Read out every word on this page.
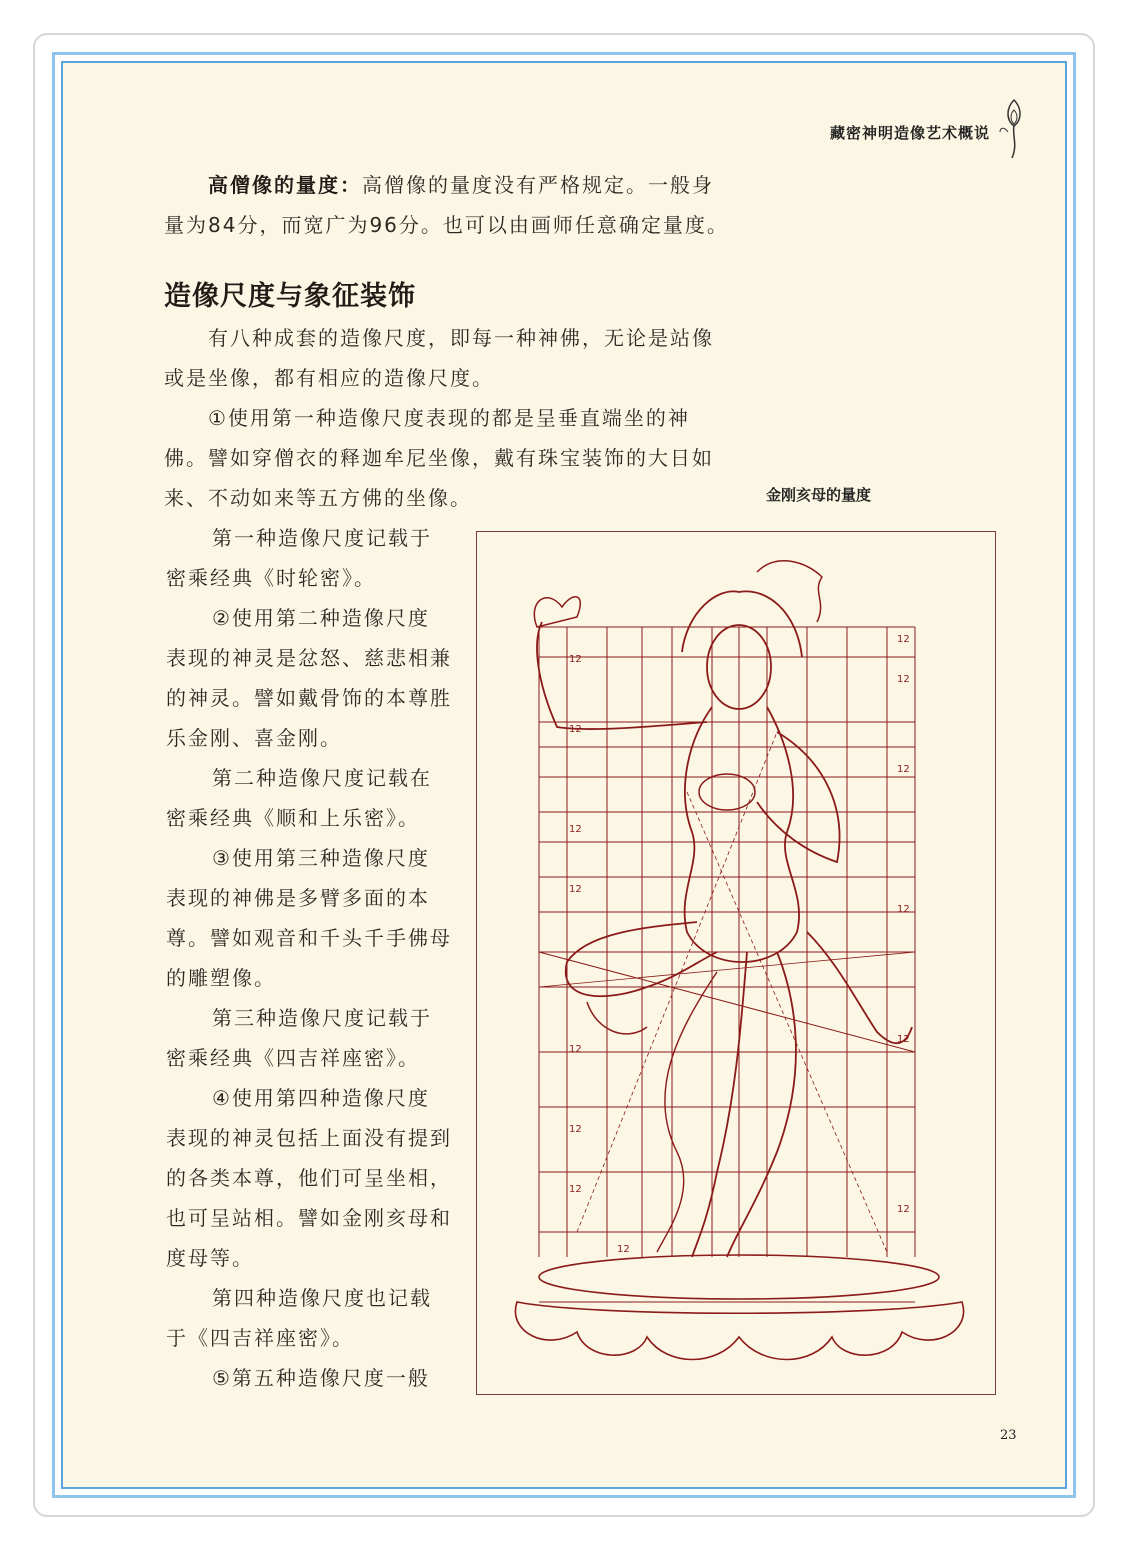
藏密神明造像艺术概说

高僧像的量度：高僧像的量度没有严格规定。一般身
量为84分，而宽广为96分。也可以由画师任意确定量度。

造像尺度与象征装饰

有八种成套的造像尺度，即每一种神佛，无论是站像
或是坐像，都有相应的造像尺度。

①使用第一种造像尺度表现的都是呈垂直端坐的神
佛。譬如穿僧衣的释迦牟尼坐像，戴有珠宝装饰的大日如
来、不动如来等五方佛的坐像。

第一种造像尺度记载于
密乘经典《时轮密》。
②使用第二种造像尺度
表现的神灵是忿怒、慈悲相兼
的神灵。譬如戴骨饰的本尊胜
乐金刚、喜金刚。
第二种造像尺度记载在
密乘经典《顺和上乐密》。
③使用第三种造像尺度
表现的神佛是多臂多面的本
尊。譬如观音和千头千手佛母
的雕塑像。
第三种造像尺度记载于
密乘经典《四吉祥座密》。
④使用第四种造像尺度
表现的神灵包括上面没有提到
的各类本尊，他们可呈坐相，
也可呈站相。譬如金刚亥母和
度母等。
第四种造像尺度也记载
于《四吉祥座密》。
⑤第五种造像尺度一般
金刚亥母的量度
12
12
12
12
12
12
12
12
12
12
12
12
12
12
23
